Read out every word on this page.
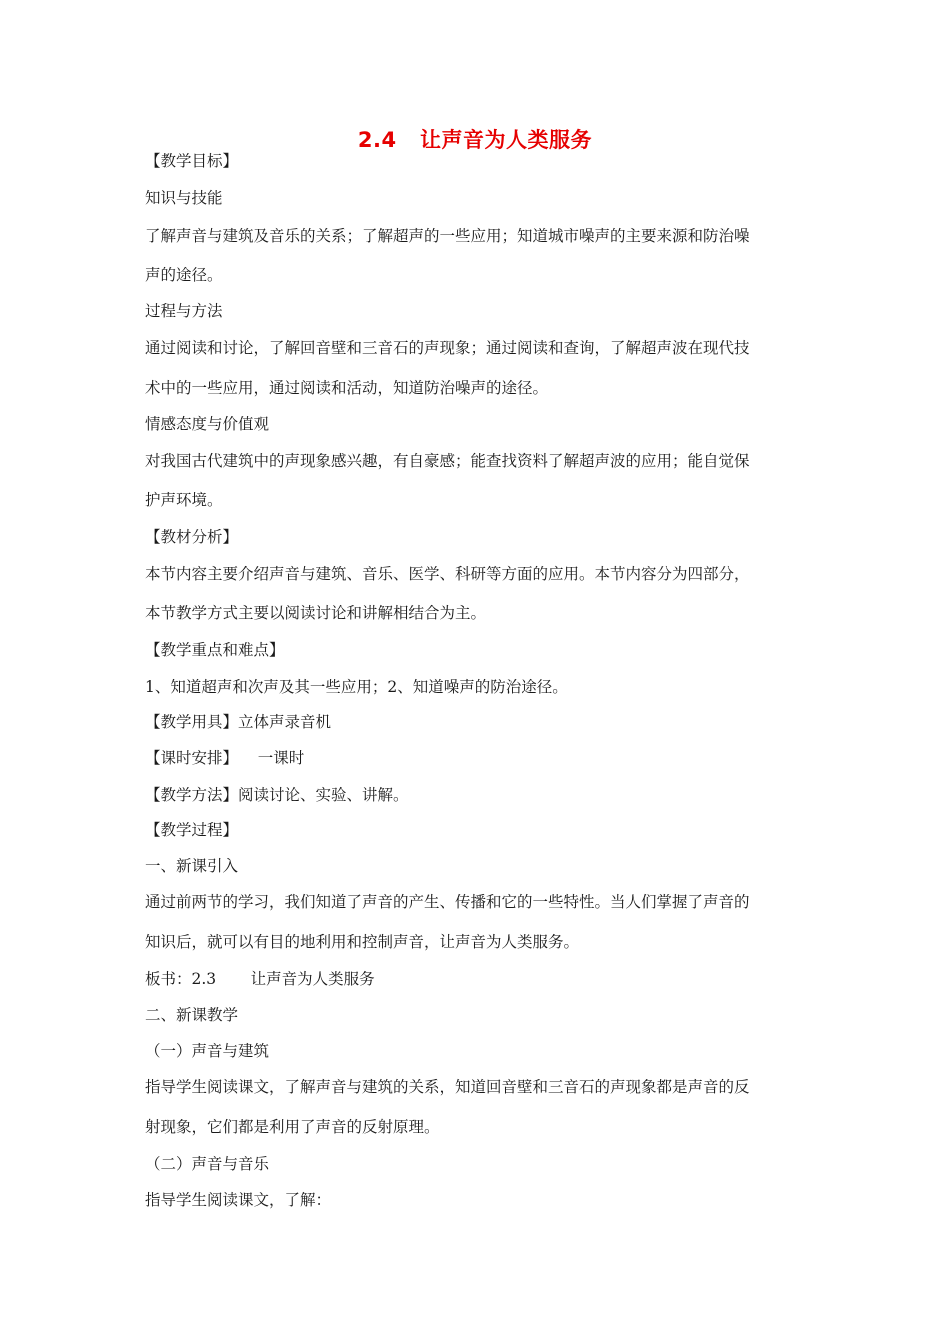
2.4   让声音为人类服务
【教学目标】
知识与技能
了解声音与建筑及音乐的关系；了解超声的一些应用；知道城市噪声的主要来源和防治噪
声的途径。
过程与方法
通过阅读和讨论，了解回音壁和三音石的声现象；通过阅读和查询，了解超声波在现代技
术中的一些应用，通过阅读和活动，知道防治噪声的途径。
情感态度与价值观
对我国古代建筑中的声现象感兴趣，有自豪感；能查找资料了解超声波的应用；能自觉保
护声环境。
【教材分析】
本节内容主要介绍声音与建筑、音乐、医学、科研等方面的应用。本节内容分为四部分，
本节教学方式主要以阅读讨论和讲解相结合为主。
【教学重点和难点】
1、知道超声和次声及其一些应用；2、知道噪声的防治途径。
【教学用具】立体声录音机
【课时安排】    一课时
【教学方法】阅读讨论、实验、讲解。
【教学过程】
一、新课引入
通过前两节的学习，我们知道了声音的产生、传播和它的一些特性。当人们掌握了声音的
知识后，就可以有目的地利用和控制声音，让声音为人类服务。
板书：2.3       让声音为人类服务
二、新课教学
（一）声音与建筑
指导学生阅读课文，了解声音与建筑的关系，知道回音壁和三音石的声现象都是声音的反
射现象，它们都是利用了声音的反射原理。
（二）声音与音乐
指导学生阅读课文，了解：
